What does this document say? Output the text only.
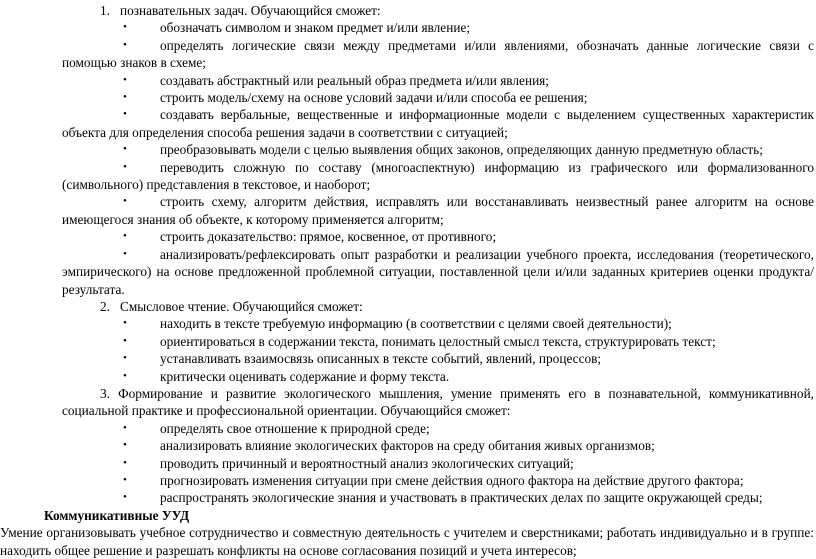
1. познавательных задач. Обучающийся сможет:
•	обозначать символом и знаком предмет и/или явление;
•	определять логические связи между предметами и/или явлениями, обозначать данные логические связи с помощью знаков в схеме;
•	создавать абстрактный или реальный образ предмета и/или явления;
•	строить модель/схему на основе условий задачи и/или способа ее решения;
•	создавать вербальные, вещественные и информационные модели с выделением существенных характеристик объекта для определения способа решения задачи в соответствии с ситуацией;
•	преобразовывать модели с целью выявления общих законов, определяющих данную предметную область;
•	переводить сложную по составу (многоаспектную) информацию из графического или формализованного (символьного) представления в текстовое, и наоборот;
•	строить схему, алгоритм действия, исправлять или восстанавливать неизвестный ранее алгоритм на основе имеющегося знания об объекте, к которому применяется алгоритм;
•	строить доказательство: прямое, косвенное, от противного;
•	анализировать/рефлексировать опыт разработки и реализации учебного проекта, исследования (теоретического, эмпирического) на основе предложенной проблемной ситуации, поставленной цели и/или заданных критериев оценки продукта/результата.
2. Смысловое чтение. Обучающийся сможет:
•	находить в тексте требуемую информацию (в соответствии с целями своей деятельности);
•	ориентироваться в содержании текста, понимать целостный смысл текста, структурировать текст;
•	устанавливать взаимосвязь описанных в тексте событий, явлений, процессов;
•	критически оценивать содержание и форму текста.
3. Формирование и развитие экологического мышления, умение применять его в познавательной, коммуникативной, социальной практике и профессиональной ориентации. Обучающийся сможет:
•	определять свое отношение к природной среде;
•	анализировать влияние экологических факторов на среду обитания живых организмов;
•	проводить причинный и вероятностный анализ экологических ситуаций;
•	прогнозировать изменения ситуации при смене действия одного фактора на действие другого фактора;
•	распространять экологические знания и участвовать в практических делах по защите окружающей среды;
Коммуникативные УУД
Умение организовывать учебное сотрудничество и совместную деятельность с учителем и сверстниками; работать индивидуально и в группе: находить общее решение и разрешать конфликты на основе согласования позиций и учета интересов;
